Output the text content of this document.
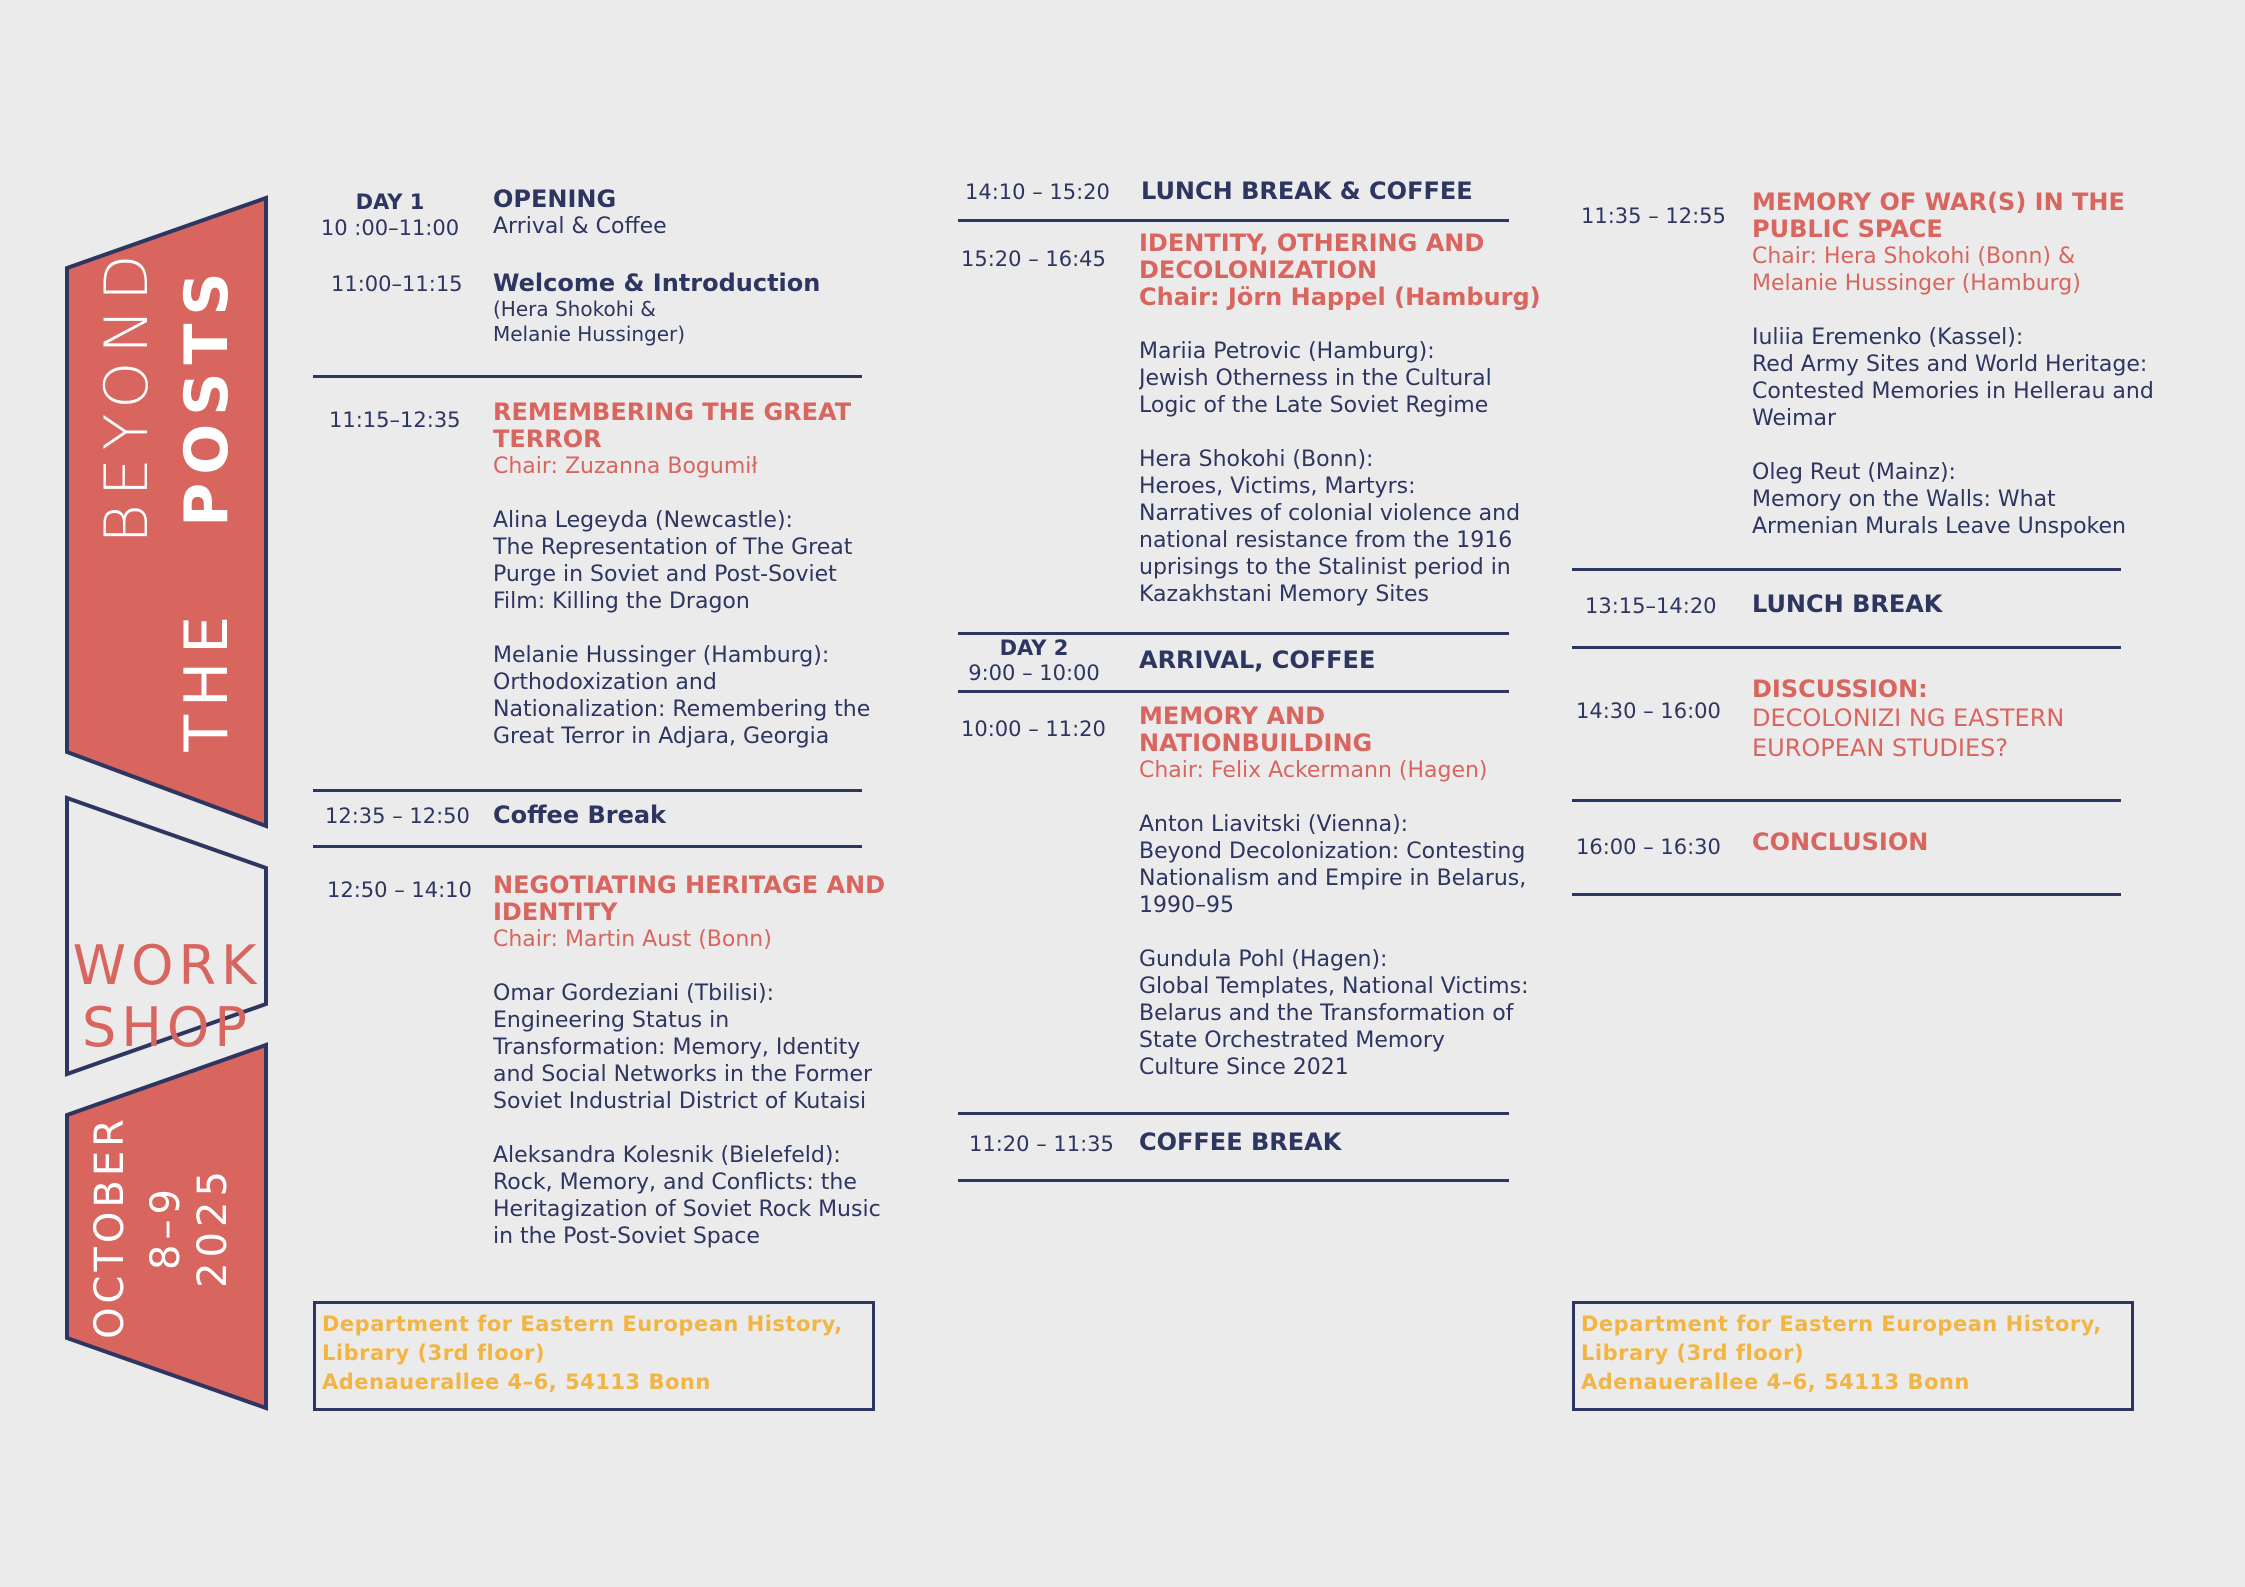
BEYOND
THE   POSTS
WORK
SHOP
OCTOBER 8–9 2025
DAY 1
10 :00–11:00
OPENING
Arrival & Coffee
11:00–11:15 Welcome & Introduction
(Hera Shokohi &
Melanie Hussinger)
11:15–12:35 REMEMBERING THE GREAT
TERROR
Chair: Zuzanna Bogumił
Alina Legeyda (Newcastle):
The Representation of The Great
Purge in Soviet and Post-Soviet
Film: Killing the Dragon
Melanie Hussinger (Hamburg):
Orthodoxization and
Nationalization: Remembering the
Great Terror in Adjara, Georgia
12:35 – 12:50 Coffee Break
12:50 – 14:10 NEGOTIATING HERITAGE AND
IDENTITY
Chair: Martin Aust (Bonn)
Omar Gordeziani (Tbilisi):
Engineering Status in
Transformation: Memory, Identity
and Social Networks in the Former
Soviet Industrial District of Kutaisi
Aleksandra Kolesnik (Bielefeld):
Rock, Memory, and Conflicts: the
Heritagization of Soviet Rock Music
in the Post-Soviet Space
Department for Eastern European History,
Library (3rd floor)
Adenauerallee 4–6, 54113 Bonn
14:10 – 15:20 LUNCH BREAK & COFFEE
15:20 – 16:45
IDENTITY, OTHERING AND
DECOLONIZATION
Chair: Jörn Happel (Hamburg)
Mariia Petrovic (Hamburg):
Jewish Otherness in the Cultural
Logic of the Late Soviet Regime
Hera Shokohi (Bonn):
Heroes, Victims, Martyrs:
Narratives of colonial violence and
national resistance from the 1916
uprisings to the Stalinist period in
Kazakhstani Memory Sites
DAY 2
9:00 – 10:00 ARRIVAL, COFFEE
10:00 – 11:20 MEMORY AND
NATIONBUILDING
Chair: Felix Ackermann (Hagen)
Anton Liavitski (Vienna):
Beyond Decolonization: Contesting
Nationalism and Empire in Belarus,
1990–95
Gundula Pohl (Hagen):
Global Templates, National Victims:
Belarus and the Transformation of
State Orchestrated Memory
Culture Since 2021
11:20 – 11:35 COFFEE BREAK
11:35 – 12:55 MEMORY OF WAR(S) IN THE
PUBLIC SPACE
Chair: Hera Shokohi (Bonn) &
Melanie Hussinger (Hamburg)
Iuliia Eremenko (Kassel):
Red Army Sites and World Heritage:
Contested Memories in Hellerau and
Weimar
Oleg Reut (Mainz):
Memory on the Walls: What
Armenian Murals Leave Unspoken
13:15–14:20 LUNCH BREAK
14:30 – 16:00
DISCUSSION:
DECOLONIZI NG EASTERN
EUROPEAN STUDIES?
16:00 – 16:30 CONCLUSION
Department for Eastern European History,
Library (3rd floor)
Adenauerallee 4–6, 54113 Bonn
